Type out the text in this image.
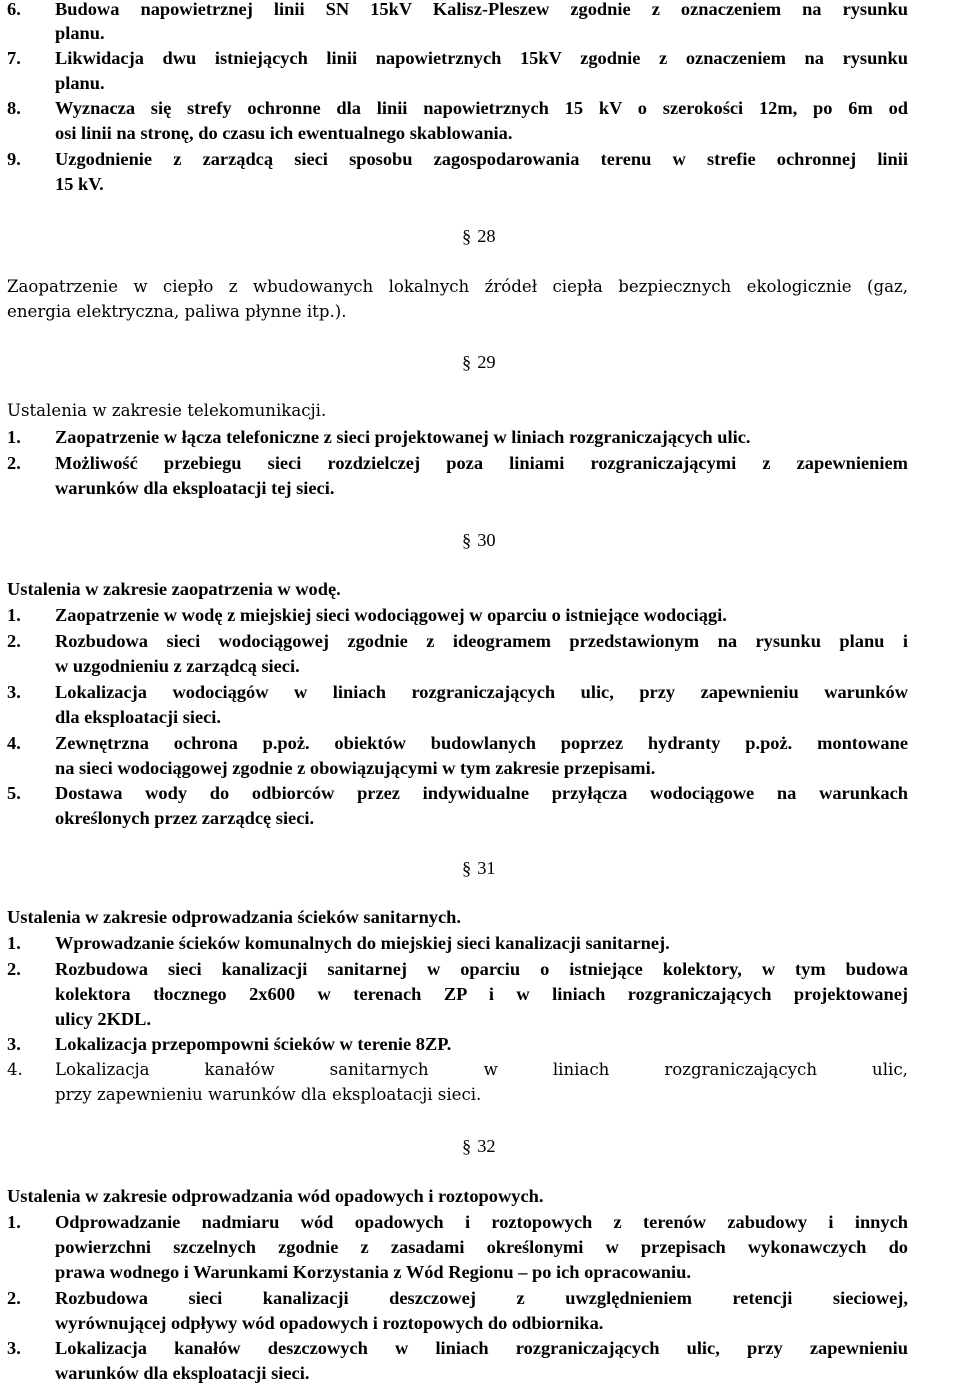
6.	Budowa napowietrznej linii SN 15kV Kalisz-Pleszew zgodnie z oznaczeniem na rysunku
planu.
7.	Likwidacja dwu istniejących linii napowietrznych 15kV zgodnie z oznaczeniem na rysunku
planu.
8.	Wyznacza się strefy ochronne dla linii napowietrznych 15 kV o szerokości 12m, po 6m od
osi linii na stronę, do czasu ich ewentualnego skablowania.
9.	Uzgodnienie z zarządcą sieci sposobu zagospodarowania terenu w strefie ochronnej linii
15 kV.
§ 28
Zaopatrzenie w ciepło z wbudowanych lokalnych źródeł ciepła bezpiecznych ekologicznie (gaz,
energia elektryczna, paliwa płynne itp.).
§ 29
Ustalenia w zakresie telekomunikacji.
1.	Zaopatrzenie w łącza telefoniczne z sieci projektowanej w liniach rozgraniczających ulic.
2.	Możliwość przebiegu sieci rozdzielczej poza liniami rozgraniczającymi z zapewnieniem
warunków dla eksploatacji tej sieci.
§ 30
Ustalenia w zakresie zaopatrzenia w wodę.
1.	Zaopatrzenie w wodę z miejskiej sieci wodociągowej w oparciu o istniejące wodociągi.
2.	Rozbudowa sieci wodociągowej zgodnie z ideogramem przedstawionym na rysunku planu i
w uzgodnieniu z zarządcą sieci.
3.	Lokalizacja wodociągów w liniach rozgraniczających ulic, przy zapewnieniu warunków
dla eksploatacji sieci.
4.	Zewnętrzna ochrona p.poż. obiektów budowlanych poprzez hydranty p.poż. montowane
na sieci wodociągowej zgodnie z obowiązującymi w tym zakresie przepisami.
5.	Dostawa wody do odbiorców przez indywidualne przyłącza wodociągowe na warunkach
określonych przez zarządcę sieci.
§ 31
Ustalenia w zakresie odprowadzania ścieków sanitarnych.
1.	Wprowadzanie ścieków komunalnych do miejskiej sieci kanalizacji sanitarnej.
2.	Rozbudowa sieci kanalizacji sanitarnej w oparciu o istniejące kolektory, w tym budowa
kolektora tłocznego 2x600 w terenach ZP i w liniach rozgraniczających projektowanej
ulicy 2KDL.
3.	Lokalizacja przepompowni ścieków w terenie 8ZP.
4.	Lokalizacja	kanałów	sanitarnych	w	liniach	rozgraniczających	ulic,
przy zapewnieniu warunków dla eksploatacji sieci.
§ 32
Ustalenia w zakresie odprowadzania wód opadowych i roztopowych.
1.	Odprowadzanie nadmiaru wód opadowych i roztopowych z terenów zabudowy i innych
powierzchni szczelnych zgodnie z zasadami określonymi w przepisach wykonawczych do
prawa wodnego i Warunkami Korzystania z Wód Regionu – po ich opracowaniu.
2.	Rozbudowa sieci kanalizacji deszczowej z uwzględnieniem retencji sieciowej,
wyrównującej odpływy wód opadowych i roztopowych do odbiornika.
3.	Lokalizacja kanałów deszczowych w liniach rozgraniczających ulic, przy zapewnieniu
warunków dla eksploatacji sieci.
